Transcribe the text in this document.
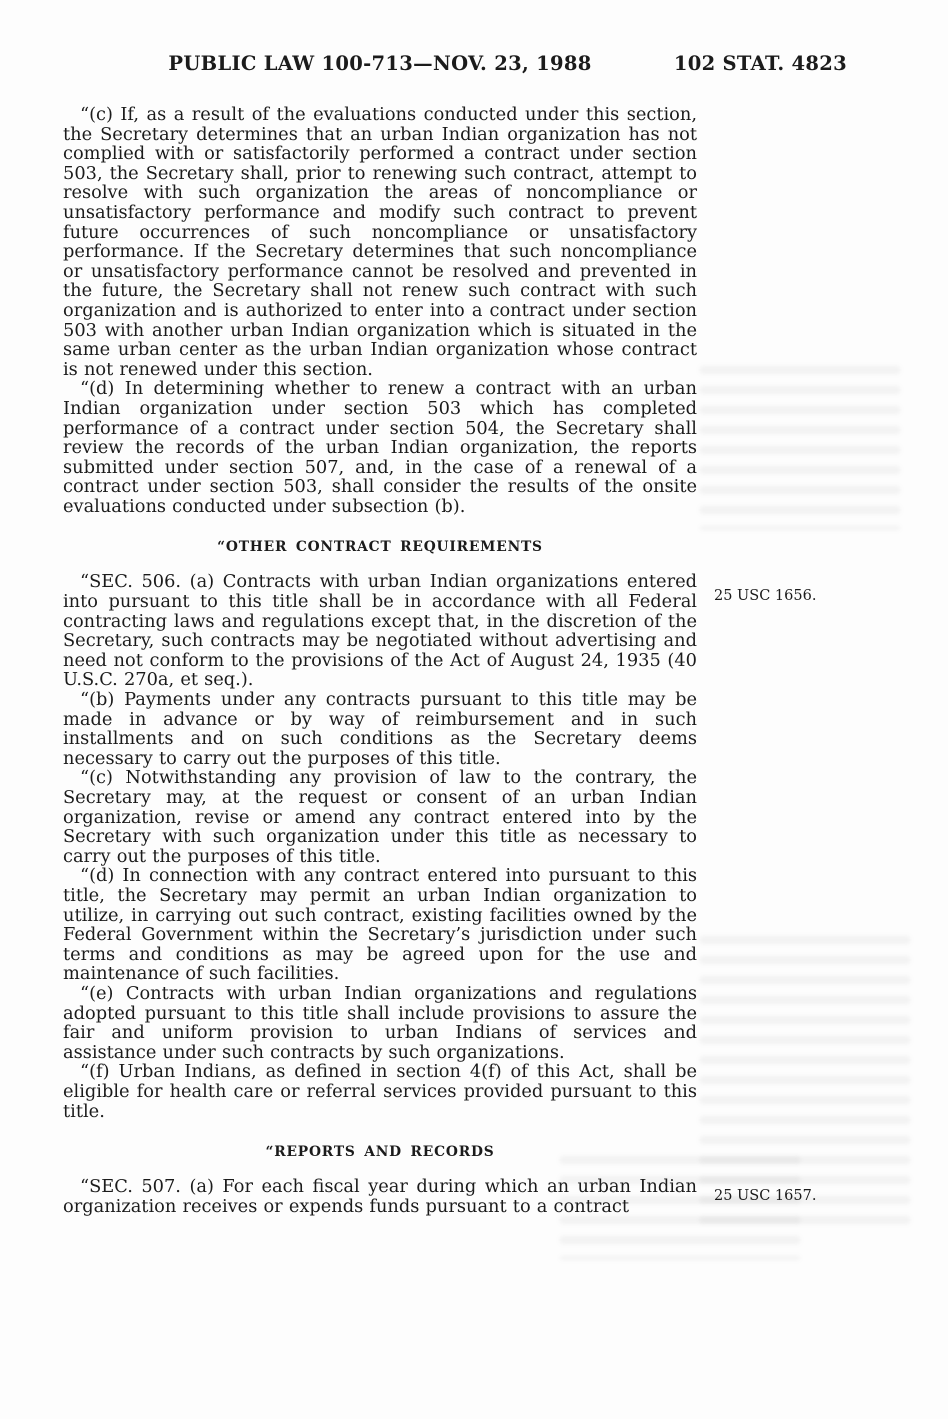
PUBLIC LAW 100-713—NOV. 23, 1988	102 STAT. 4823

“(c) If, as a result of the evaluations conducted under this section, the Secretary determines that an urban Indian organization has not complied with or satisfactorily performed a contract under section 503, the Secretary shall, prior to renewing such contract, attempt to resolve with such organization the areas of noncompliance or unsatisfactory performance and modify such contract to prevent future occurrences of such noncompliance or unsatisfactory performance. If the Secretary determines that such noncompliance or unsatisfactory performance cannot be resolved and prevented in the future, the Secretary shall not renew such contract with such organization and is authorized to enter into a contract under section 503 with another urban Indian organization which is situated in the same urban center as the urban Indian organization whose contract is not renewed under this section.

“(d) In determining whether to renew a contract with an urban Indian organization under section 503 which has completed performance of a contract under section 504, the Secretary shall review the records of the urban Indian organization, the reports submitted under section 507, and, in the case of a renewal of a contract under section 503, shall consider the results of the onsite evaluations conducted under subsection (b).

“OTHER CONTRACT REQUIREMENTS

“SEC. 506. (a) Contracts with urban Indian organizations entered into pursuant to this title shall be in accordance with all Federal contracting laws and regulations except that, in the discretion of the Secretary, such contracts may be negotiated without advertising and need not conform to the provisions of the Act of August 24, 1935 (40 U.S.C. 270a, et seq.).

“(b) Payments under any contracts pursuant to this title may be made in advance or by way of reimbursement and in such installments and on such conditions as the Secretary deems necessary to carry out the purposes of this title.

“(c) Notwithstanding any provision of law to the contrary, the Secretary may, at the request or consent of an urban Indian organization, revise or amend any contract entered into by the Secretary with such organization under this title as necessary to carry out the purposes of this title.

“(d) In connection with any contract entered into pursuant to this title, the Secretary may permit an urban Indian organization to utilize, in carrying out such contract, existing facilities owned by the Federal Government within the Secretary’s jurisdiction under such terms and conditions as may be agreed upon for the use and maintenance of such facilities.

“(e) Contracts with urban Indian organizations and regulations adopted pursuant to this title shall include provisions to assure the fair and uniform provision to urban Indians of services and assistance under such contracts by such organizations.

“(f) Urban Indians, as defined in section 4(f) of this Act, shall be eligible for health care or referral services provided pursuant to this title.

“REPORTS AND RECORDS

“SEC. 507. (a) For each fiscal year during which an urban Indian organization receives or expends funds pursuant to a contract

25 USC 1656.
25 USC 1657.
